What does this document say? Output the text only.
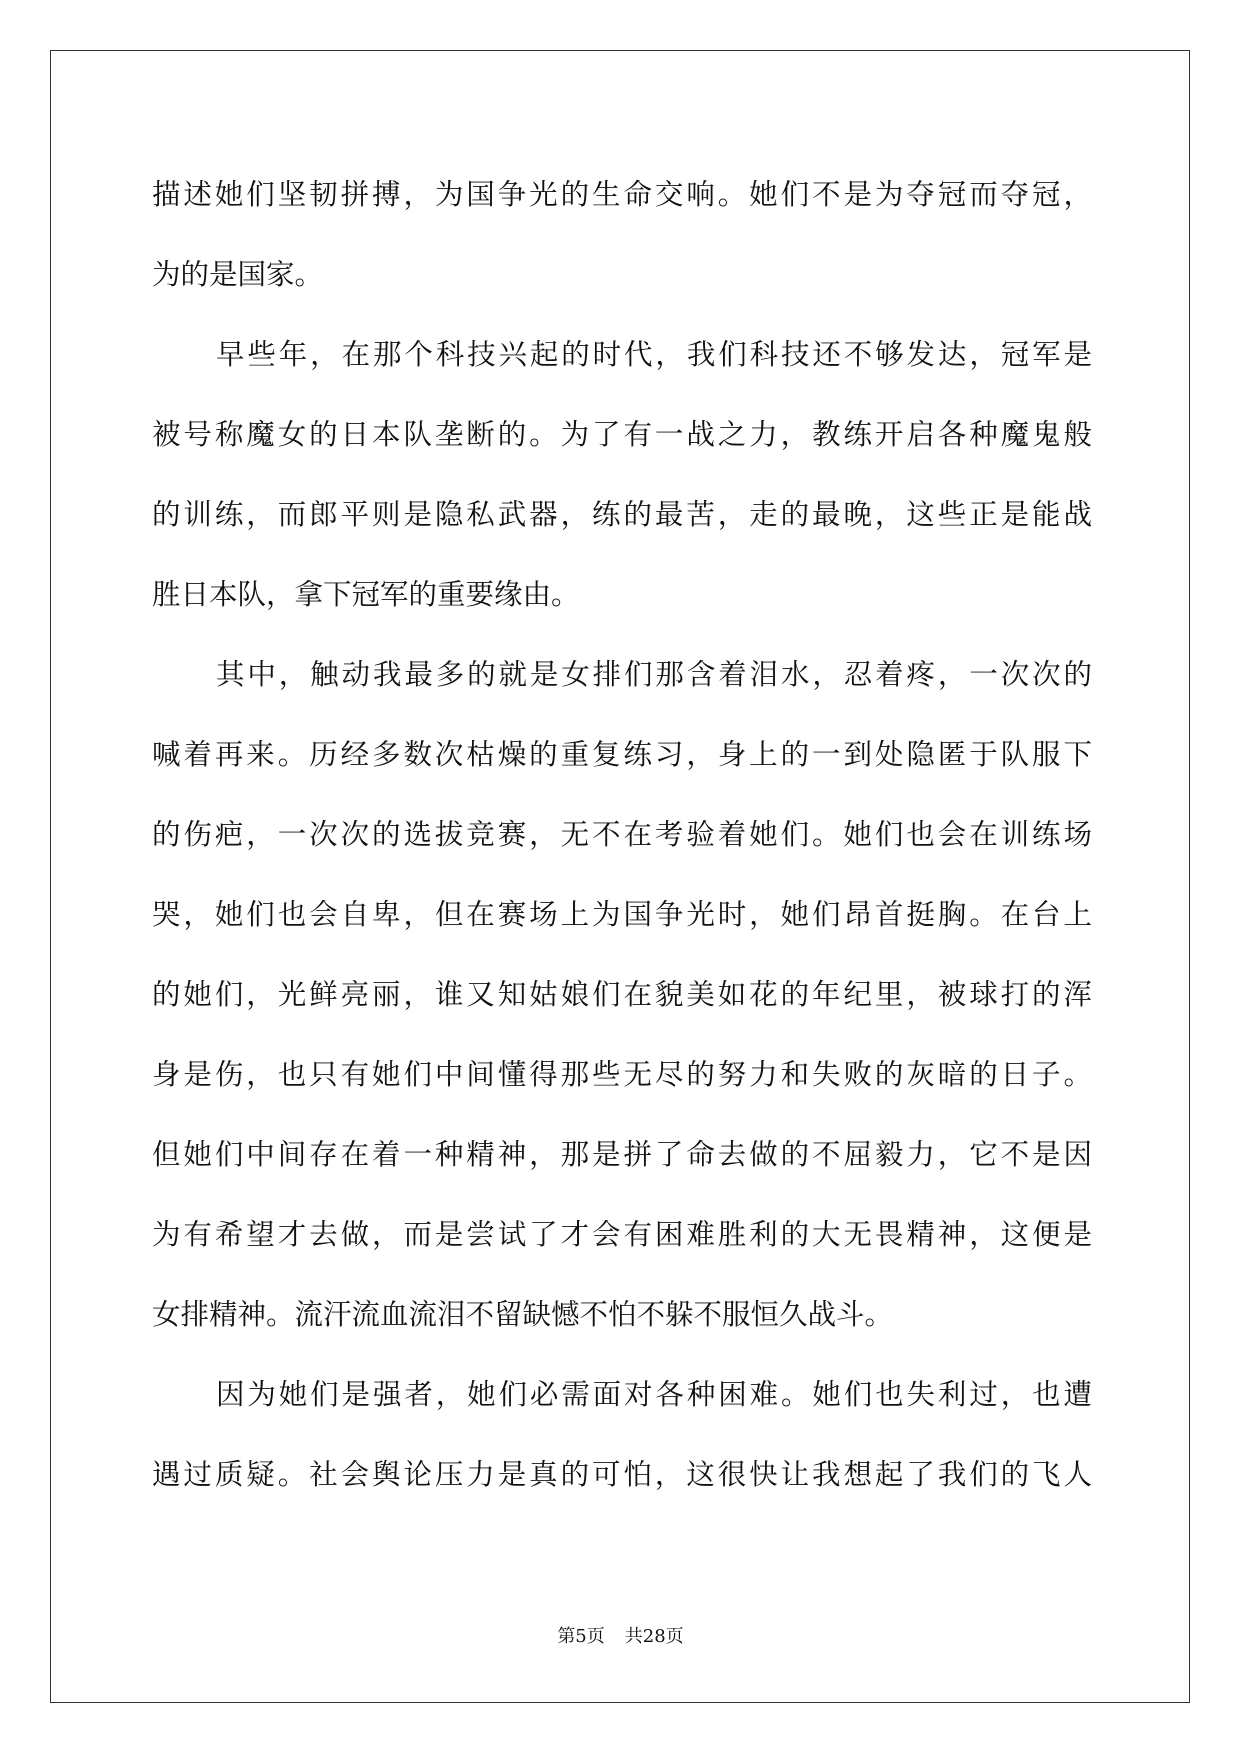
描述她们坚韧拼搏，为国争光的生命交响。她们不是为夺冠而夺冠，
为的是国家。

早些年，在那个科技兴起的时代，我们科技还不够发达，冠军是
被号称魔女的日本队垄断的。为了有一战之力，教练开启各种魔鬼般
的训练，而郎平则是隐私武器，练的最苦，走的最晚，这些正是能战
胜日本队，拿下冠军的重要缘由。

其中，触动我最多的就是女排们那含着泪水，忍着疼，一次次的
喊着再来。历经多数次枯燥的重复练习，身上的一到处隐匿于队服下
的伤疤，一次次的选拔竞赛，无不在考验着她们。她们也会在训练场
哭，她们也会自卑，但在赛场上为国争光时，她们昂首挺胸。在台上
的她们，光鲜亮丽，谁又知姑娘们在貌美如花的年纪里，被球打的浑
身是伤，也只有她们中间懂得那些无尽的努力和失败的灰暗的日子。
但她们中间存在着一种精神，那是拼了命去做的不屈毅力，它不是因
为有希望才去做，而是尝试了才会有困难胜利的大无畏精神，这便是
女排精神。流汗流血流泪不留缺憾不怕不躲不服恒久战斗。

因为她们是强者，她们必需面对各种困难。她们也失利过，也遭
遇过质疑。社会舆论压力是真的可怕，这很快让我想起了我们的飞人

第5页 共28页
